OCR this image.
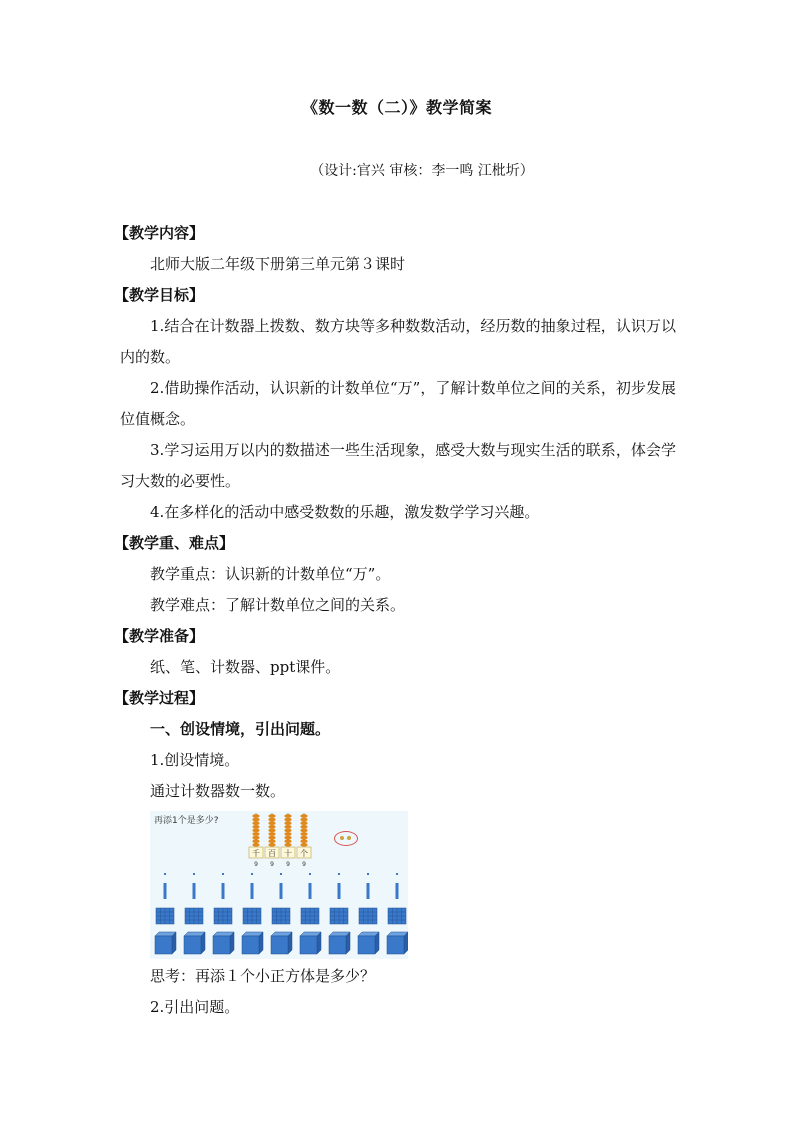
《数一数（二）》教学简案
（设计:官兴 审核：李一鸣 江枇圻）
【 教学内容 】
北师大版二年级下册第三单元第３课时
【 教学目标 】
1.结合在计数器上拨数、数方块等多种数数活动，经历数的抽象过程，认识万以内的数。
2.借助操作活动，认识新的计数单位“万”，了解计数单位之间的关系，初步发展位值概念。
3.学习运用万以内的数描述一些生活现象，感受大数与现实生活的联系，体会学习大数的必要性。
4.在多样化的活动中感受数数的乐趣，激发数学学习兴趣。
【 教学重、难点 】
教学重点：认识新的计数单位“万”。
教学难点：了解计数单位之间的关系。
【 教学准备 】
纸、笔、计数器、ppt课件。
【 教学过程 】
一、创设情境，引出问题。
1.创设情境。
通过计数器数一数。
再添1个是多少?
千
9
百
9
十
9
个
9
思考：再添１个小正方体是多少？
2.引出问题。
